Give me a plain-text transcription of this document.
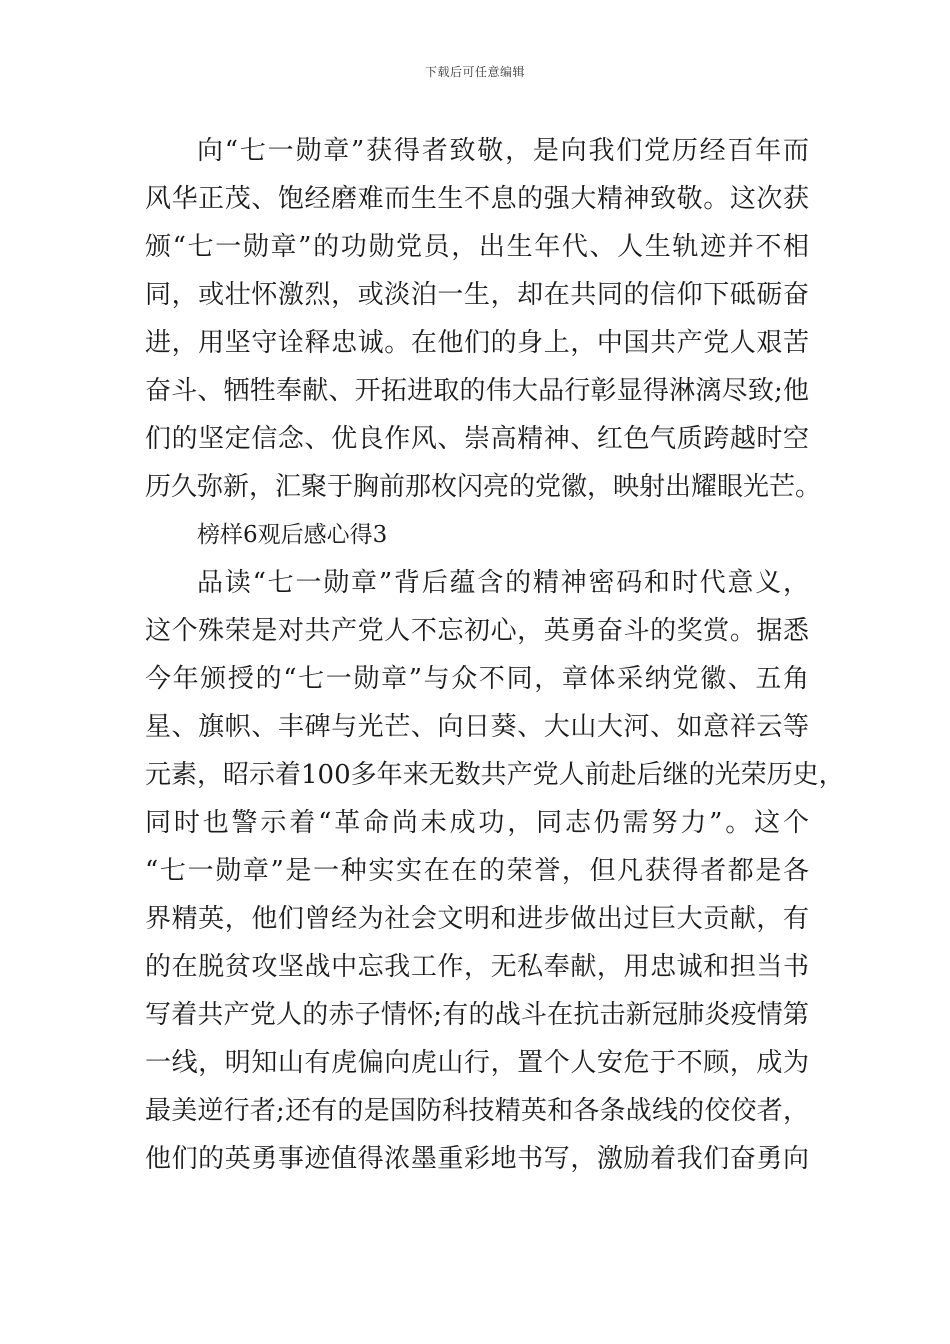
下载后可任意编辑
向“七一勋章”获得者致敬，是向我们党历经百年而
风华正茂、饱经磨难而生生不息的强大精神致敬。这次获
颁“七一勋章”的功勋党员，出生年代、人生轨迹并不相
同，或壮怀激烈，或淡泊一生，却在共同的信仰下砥砺奋
进，用坚守诠释忠诚。在他们的身上，中国共产党人艰苦
奋斗、牺牲奉献、开拓进取的伟大品行彰显得淋漓尽致;他
们的坚定信念、优良作风、崇高精神、红色气质跨越时空
历久弥新，汇聚于胸前那枚闪亮的党徽，映射出耀眼光芒。
榜样6观后感心得3
品读“七一勋章”背后蕴含的精神密码和时代意义，
这个殊荣是对共产党人不忘初心，英勇奋斗的奖赏。据悉
今年颁授的“七一勋章”与众不同，章体采纳党徽、五角
星、旗帜、丰碑与光芒、向日葵、大山大河、如意祥云等
元素，昭示着100多年来无数共产党人前赴后继的光荣历史，
同时也警示着“革命尚未成功，同志仍需努力”。这个
“七一勋章”是一种实实在在的荣誉，但凡获得者都是各
界精英，他们曾经为社会文明和进步做出过巨大贡献，有
的在脱贫攻坚战中忘我工作，无私奉献，用忠诚和担当书
写着共产党人的赤子情怀;有的战斗在抗击新冠肺炎疫情第
一线，明知山有虎偏向虎山行，置个人安危于不顾，成为
最美逆行者;还有的是国防科技精英和各条战线的佼佼者，
他们的英勇事迹值得浓墨重彩地书写，激励着我们奋勇向
